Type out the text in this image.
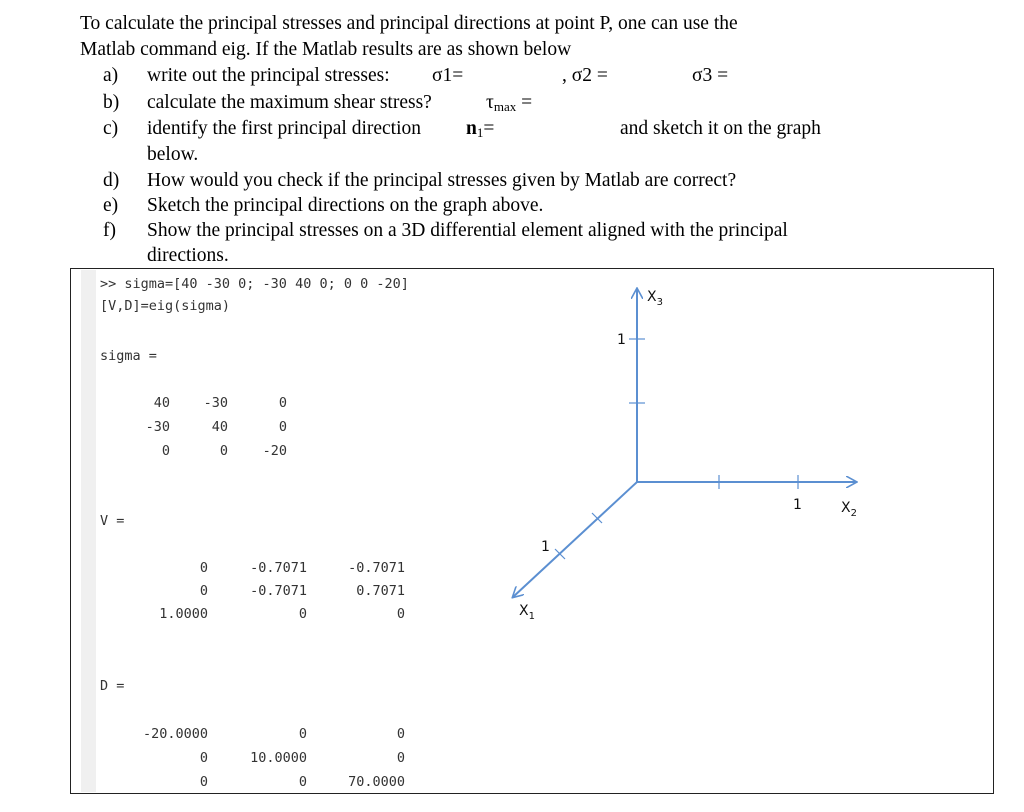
To calculate the principal stresses and principal directions at point P, one can use the
Matlab command eig. If the Matlab results are as shown below
a) write out the principal stresses: σ1=	, σ2 =	σ3 =
b) calculate the maximum shear stress?	$\tau_{max}$ =
c) identify the first principal direction $n_1=$	and sketch it on the graph
below.
d) How would you check if the principal stresses given by Matlab are correct?
e) Sketch the principal directions on the graph above.
f) Show the principal stresses on a 3D differential element aligned with the principal
directions.
>> sigma=[40 -30 0; -30 40 0; 0 0 -20]
[V,D]=eig(sigma)
sigma =
V =
D =
40 -30	0
-30	40	0
0	0	-20
0	-0.7071	-0.7071
0	-0.7071	0.7071
1.0000	0	0
-20.0000	0	0
0	10.0000	0
0	0	70.0000
1
1
1
$X_3$
$X_2$
$X_1$
